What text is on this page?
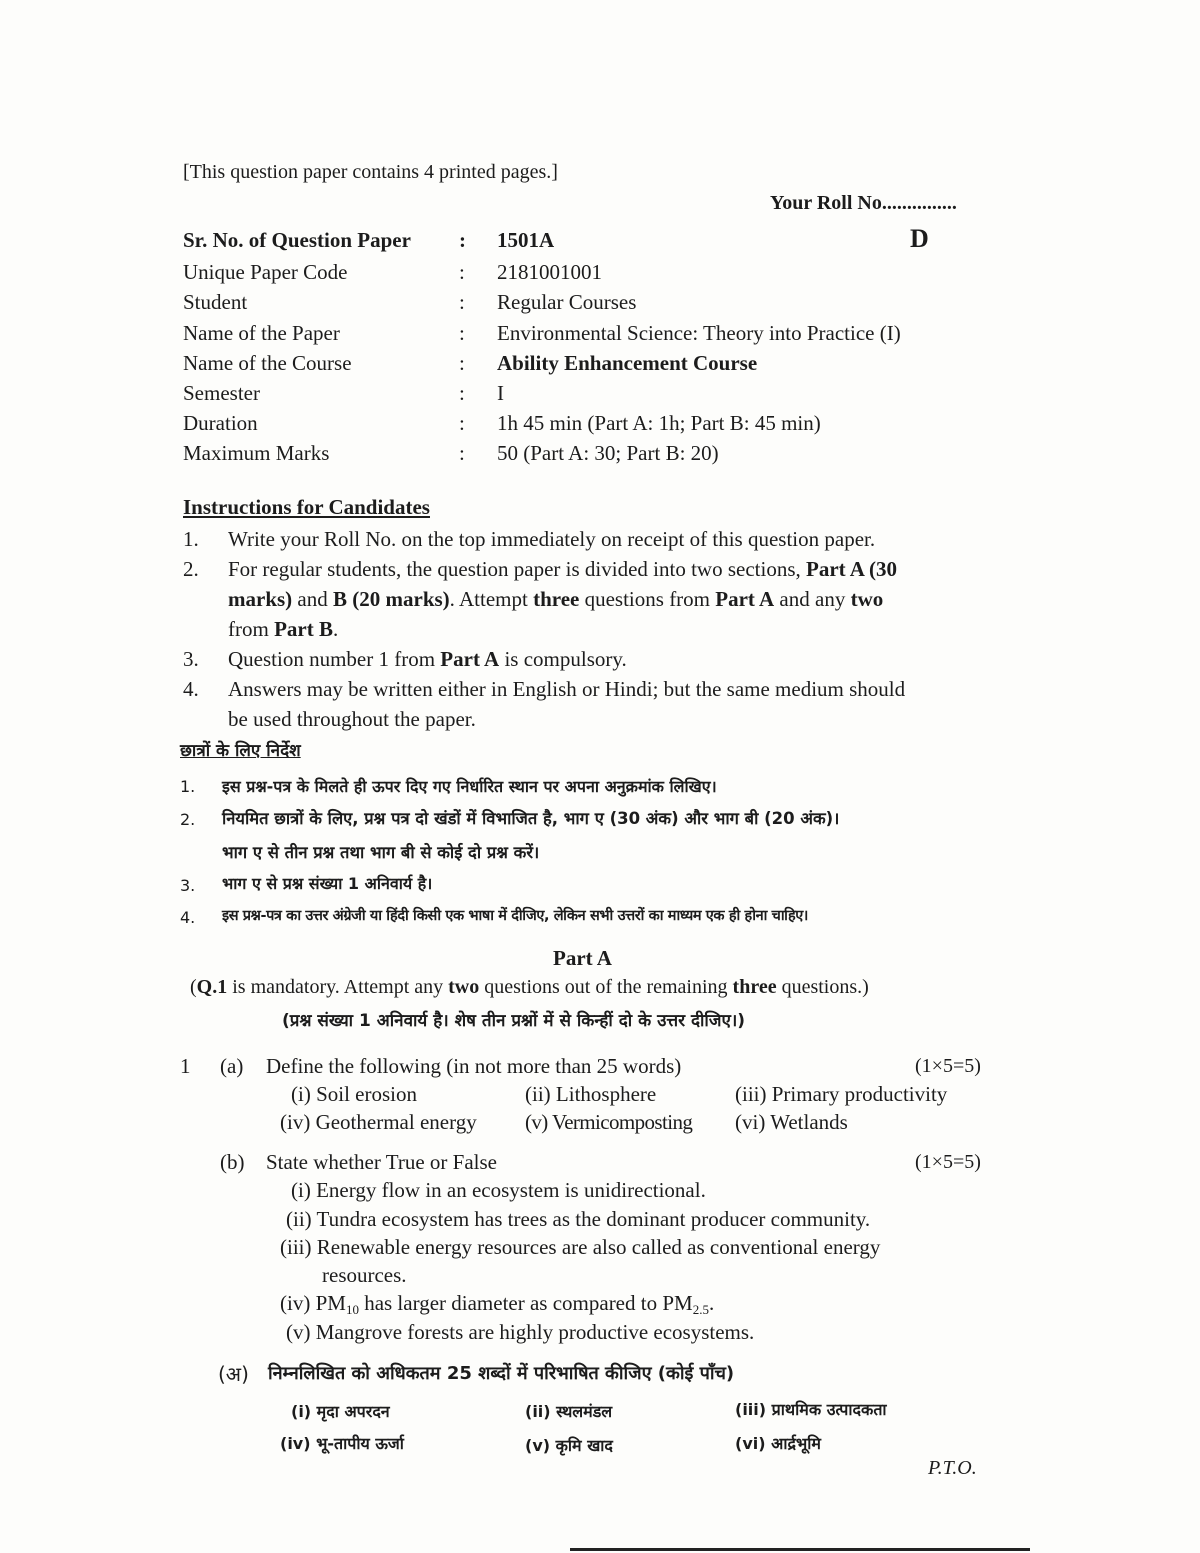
[This question paper contains 4 printed pages.]
Your Roll No...............
D
Sr. No. of Question Paper : 1501A
Unique Paper Code	: 2181001001
Student	: Regular Courses
Name of the Paper	: Environmental Science: Theory into Practice (I)
Name of the Course	: Ability Enhancement Course
Semester	: I
Duration	: 1h 45 min (Part A: 1h; Part B: 45 min)
Maximum Marks	: 50 (Part A: 30; Part B: 20)
Instructions for Candidates
1. Write your Roll No. on the top immediately on receipt of this question paper.
2. For regular students, the question paper is divided into two sections, Part A (30
marks) and B (20 marks). Attempt three questions from Part A and any two
from Part B.
3. Question number 1 from Part A is compulsory.
4. Answers may be written either in English or Hindi; but the same medium should
be used throughout the paper.
छात्रों के लिए निर्देश
1. इस प्रश्न-पत्र के मिलते ही ऊपर दिए गए निर्धारित स्थान पर अपना अनुक्रमांक लिखिए।
2. नियमित छात्रों के लिए, प्रश्न पत्र दो खंडों में विभाजित है, भाग ए (30 अंक) और भाग बी (20 अंक)।
भाग ए से तीन प्रश्न तथा भाग बी से कोई दो प्रश्न करें।
3. भाग ए से प्रश्न संख्या 1 अनिवार्य है।
4. इस प्रश्न-पत्र का उत्तर अंग्रेजी या हिंदी किसी एक भाषा में दीजिए, लेकिन सभी उत्तरों का माध्यम एक ही होना चाहिए।
Part A
(Q.1 is mandatory. Attempt any two questions out of the remaining three questions.)
(प्रश्न संख्या 1 अनिवार्य है। शेष तीन प्रश्नों में से किन्हीं दो के उत्तर दीजिए।)
1 (a) Define the following (in not more than 25 words)	(1×5=5)
(i) Soil erosion	(ii) Lithosphere	(iii) Primary productivity
(iv) Geothermal energy (v) Vermicomposting (vi) Wetlands
(b) State whether True or False	(1×5=5)
(i) Energy flow in an ecosystem is unidirectional.
(ii) Tundra ecosystem has trees as the dominant producer community.
(iii) Renewable energy resources are also called as conventional energy
resources.
(iv) $PM_{10}$ has larger diameter as compared to $PM_{2.5}$.
(v) Mangrove forests are highly productive ecosystems.
(अ) निम्नलिखित को अधिकतम 25 शब्दों में परिभाषित कीजिए (कोई पाँच)
(i) मृदा अपरदन	(ii) स्थलमंडल	(iii) प्राथमिक उत्पादकता
(iv) भू-तापीय ऊर्जा	(v) कृमि खाद	(vi) आर्द्रभूमि
P.T.O.
